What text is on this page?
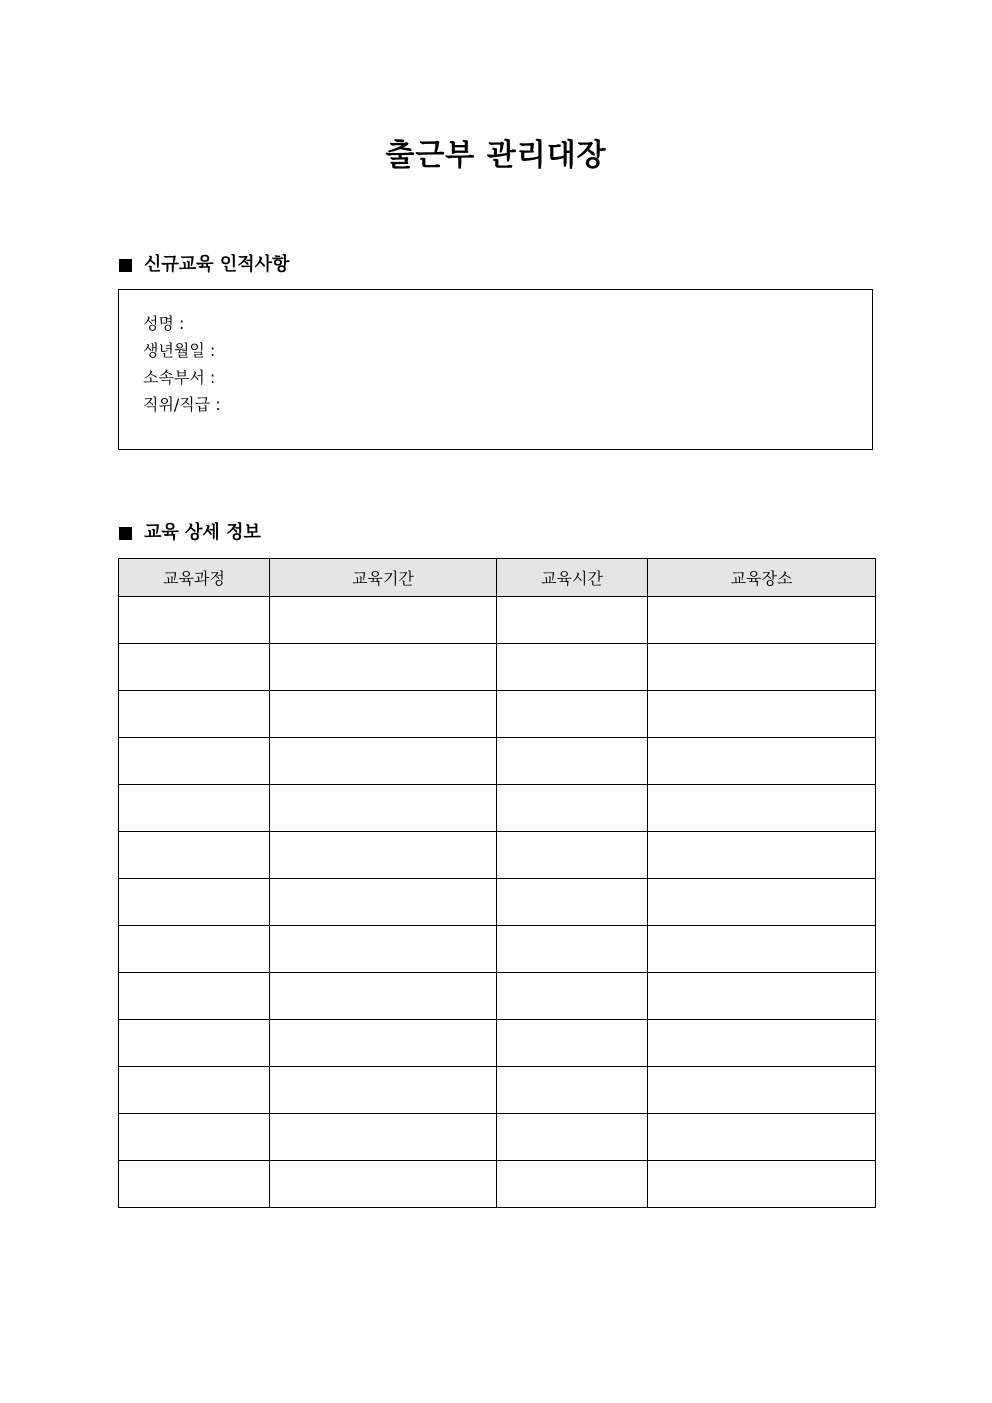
출근부 관리대장
신규교육 인적사항
성명 :
생년월일 :
소속부서 :
직위/직급 :
교육 상세 정보
교육과정	교육기간	교육시간	교육장소
